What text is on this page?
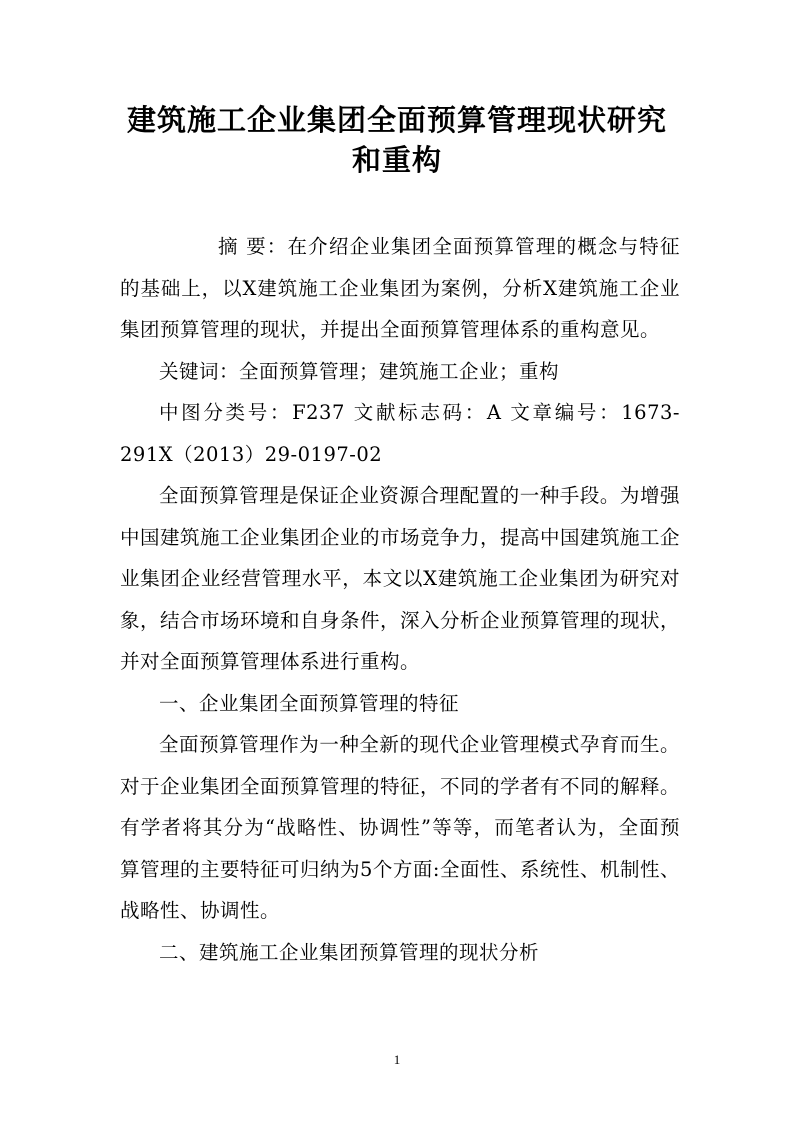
建筑施工企业集团全面预算管理现状研究
和重构

摘 要：在介绍企业集团全面预算管理的概念与特征的基础上，以X建筑施工企业集团为案例，分析X建筑施工企业集团预算管理的现状，并提出全面预算管理体系的重构意见。

关键词：全面预算管理；建筑施工企业；重构

中图分类号：F237 文献标志码：A 文章编号：1673-291X（2013）29-0197-02

全面预算管理是保证企业资源合理配置的一种手段。为增强中国建筑施工企业集团企业的市场竞争力，提高中国建筑施工企业集团企业经营管理水平，本文以X建筑施工企业集团为研究对象，结合市场环境和自身条件，深入分析企业预算管理的现状，并对全面预算管理体系进行重构。

一、企业集团全面预算管理的特征

全面预算管理作为一种全新的现代企业管理模式孕育而生。对于企业集团全面预算管理的特征，不同的学者有不同的解释。有学者将其分为“战略性、协调性”等等，而笔者认为，全面预算管理的主要特征可归纳为5个方面:全面性、系统性、机制性、战略性、协调性。

二、建筑施工企业集团预算管理的现状分析

1
